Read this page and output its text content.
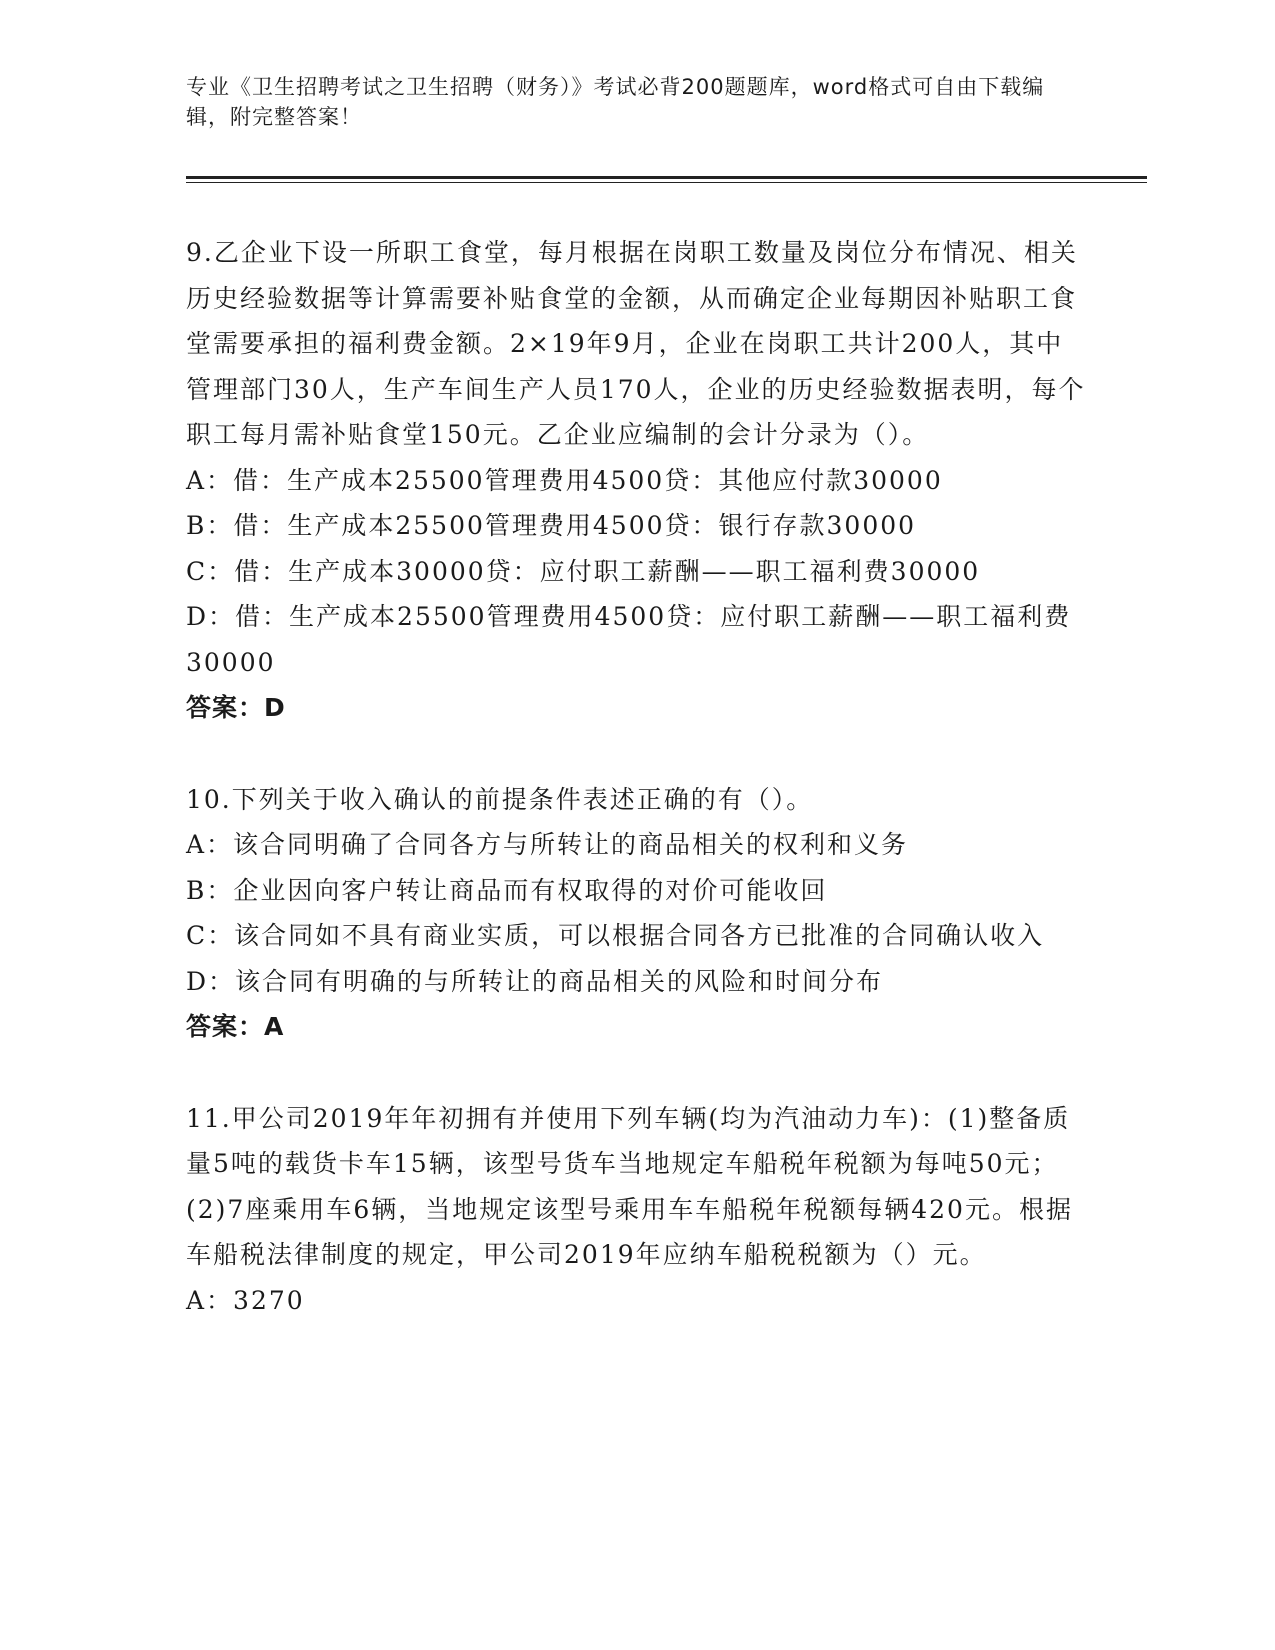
专业《卫生招聘考试之卫生招聘（财务）》考试必背200题题库，word格式可自由下载编辑，附完整答案！

9.乙企业下设一所职工食堂，每月根据在岗职工数量及岗位分布情况、相关历史经验数据等计算需要补贴食堂的金额，从而确定企业每期因补贴职工食堂需要承担的福利费金额。2×19年9月，企业在岗职工共计200人，其中管理部门30人，生产车间生产人员170人，企业的历史经验数据表明，每个职工每月需补贴食堂150元。乙企业应编制的会计分录为（）。

A：借：生产成本25500管理费用4500贷：其他应付款30000

B：借：生产成本25500管理费用4500贷：银行存款30000

C：借：生产成本30000贷：应付职工薪酬——职工福利费30000

D：借：生产成本25500管理费用4500贷：应付职工薪酬——职工福利费30000

答案：D

10.下列关于收入确认的前提条件表述正确的有（）。

A：该合同明确了合同各方与所转让的商品相关的权利和义务

B：企业因向客户转让商品而有权取得的对价可能收回

C：该合同如不具有商业实质，可以根据合同各方已批准的合同确认收入

D：该合同有明确的与所转让的商品相关的风险和时间分布

答案：A

11.甲公司2019年年初拥有并使用下列车辆(均为汽油动力车)：(1)整备质量5吨的载货卡车15辆，该型号货车当地规定车船税年税额为每吨50元；(2)7座乘用车6辆，当地规定该型号乘用车车船税年税额每辆420元。根据车船税法律制度的规定，甲公司2019年应纳车船税税额为（）元。

A：3270
